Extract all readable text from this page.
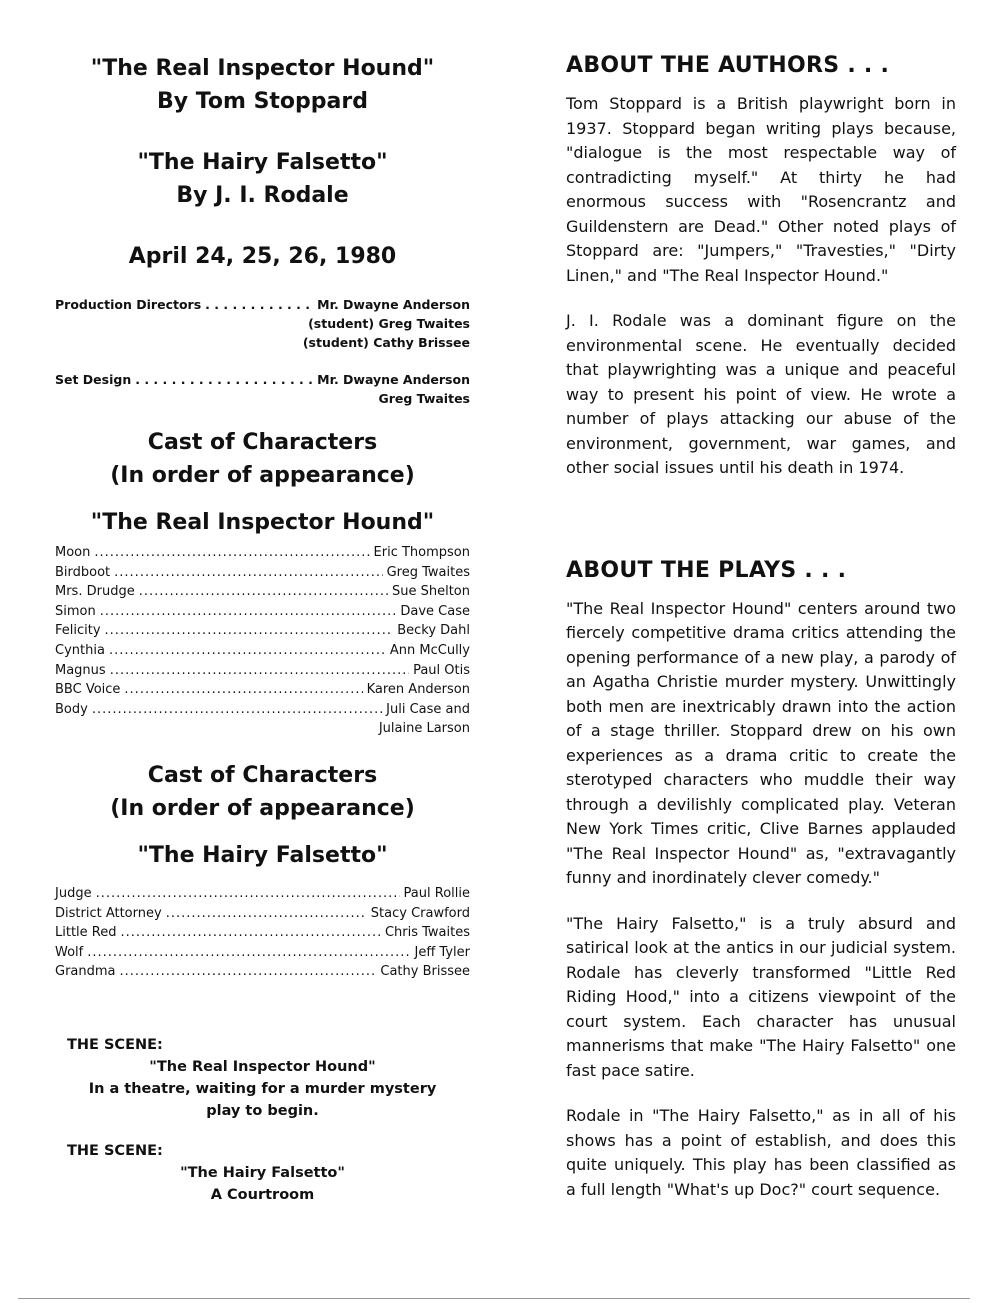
"The Real Inspector Hound"
By Tom Stoppard
"The Hairy Falsetto"
By J. I. Rodale
April 24, 25, 26, 1980
Production Directors . . .	Mr. Dwayne Anderson
(student) Greg Twaites
(student) Cathy Brissee
Set Design . . .	Mr. Dwayne Anderson
Greg Twaites
Cast of Characters
(In order of appearance)
"The Real Inspector Hound"
Moon .....	Eric Thompson
Birdboot .....	Greg Twaites
Mrs. Drudge .....	Sue Shelton
Simon .....	Dave Case
Felicity .....	Becky Dahl
Cynthia .....	Ann McCully
Magnus .....	Paul Otis
BBC Voice .....	Karen Anderson
Body .....	Juli Case and
Julaine Larson
Cast of Characters
(In order of appearance)
"The Hairy Falsetto"
Judge .....	Paul Rollie
District Attorney .....	Stacy Crawford
Little Red .....	Chris Twaites
Wolf .....	Jeff Tyler
Grandma .....	Cathy Brissee
THE SCENE:
"The Real Inspector Hound"
In a theatre, waiting for a murder mystery
play to begin.
THE SCENE:
"The Hairy Falsetto"
A Courtroom
ABOUT THE AUTHORS . . .

Tom Stoppard is a British playwright born in 1937. Stoppard began writing plays because, "dialogue is the most respectable way of contradicting myself." At thirty he had enormous success with "Rosencrantz and Guildenstern are Dead." Other noted plays of Stoppard are: "Jumpers," "Travesties," "Dirty Linen," and "The Real Inspector Hound."

J. I. Rodale was a dominant figure on the environmental scene. He eventually decided that playwrighting was a unique and peaceful way to present his point of view. He wrote a number of plays attacking our abuse of the environment, government, war games, and other social issues until his death in 1974.

ABOUT THE PLAYS . . .

"The Real Inspector Hound" centers around two fiercely competitive drama critics attending the opening performance of a new play, a parody of an Agatha Christie murder mystery. Unwittingly both men are inextricably drawn into the action of a stage thriller. Stoppard drew on his own experiences as a drama critic to create the sterotyped characters who muddle their way through a devilishly complicated play. Veteran New York Times critic, Clive Barnes applauded "The Real Inspector Hound" as, "extravagantly funny and inordinately clever comedy."

"The Hairy Falsetto," is a truly absurd and satirical look at the antics in our judicial system. Rodale has cleverly transformed "Little Red Riding Hood," into a citizens viewpoint of the court system. Each character has unusual mannerisms that make "The Hairy Falsetto" one fast pace satire.

Rodale in "The Hairy Falsetto," as in all of his shows has a point of establish, and does this quite uniquely. This play has been classified as a full length "What's up Doc?" court sequence.
